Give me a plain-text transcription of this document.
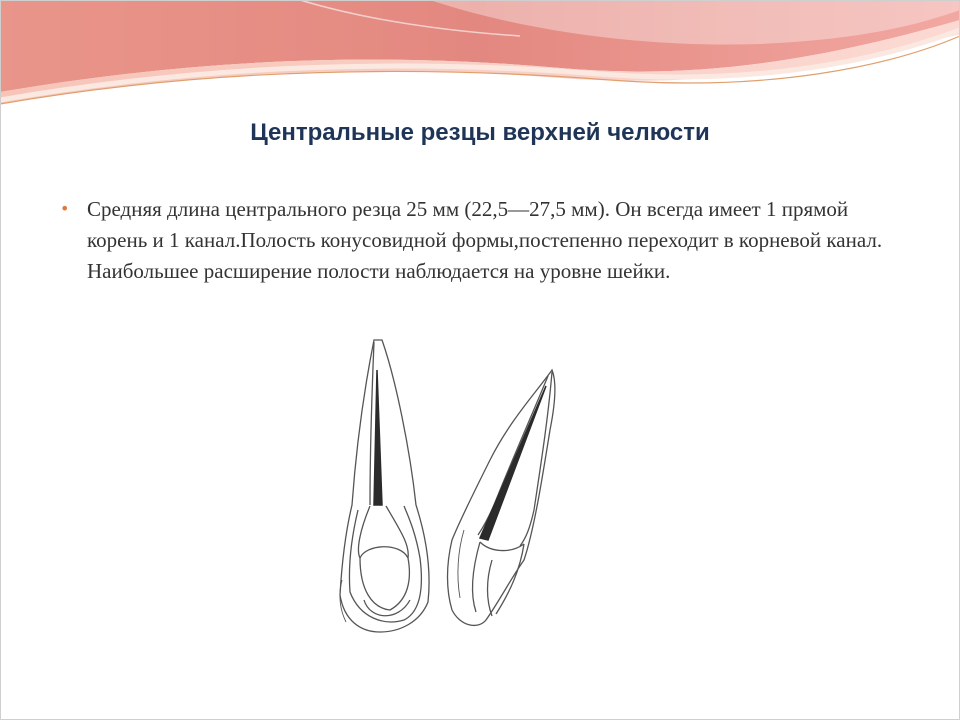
Центральные резцы верхней челюсти
• Средняя длина центрального резца 25 мм (22,5—27,5 мм). Он всегда имеет 1 прямой корень и 1 канал.Полость конусовидной формы,постепенно переходит в корневой канал. Наибольшее расширение полости наблюдается на уровне шейки.
